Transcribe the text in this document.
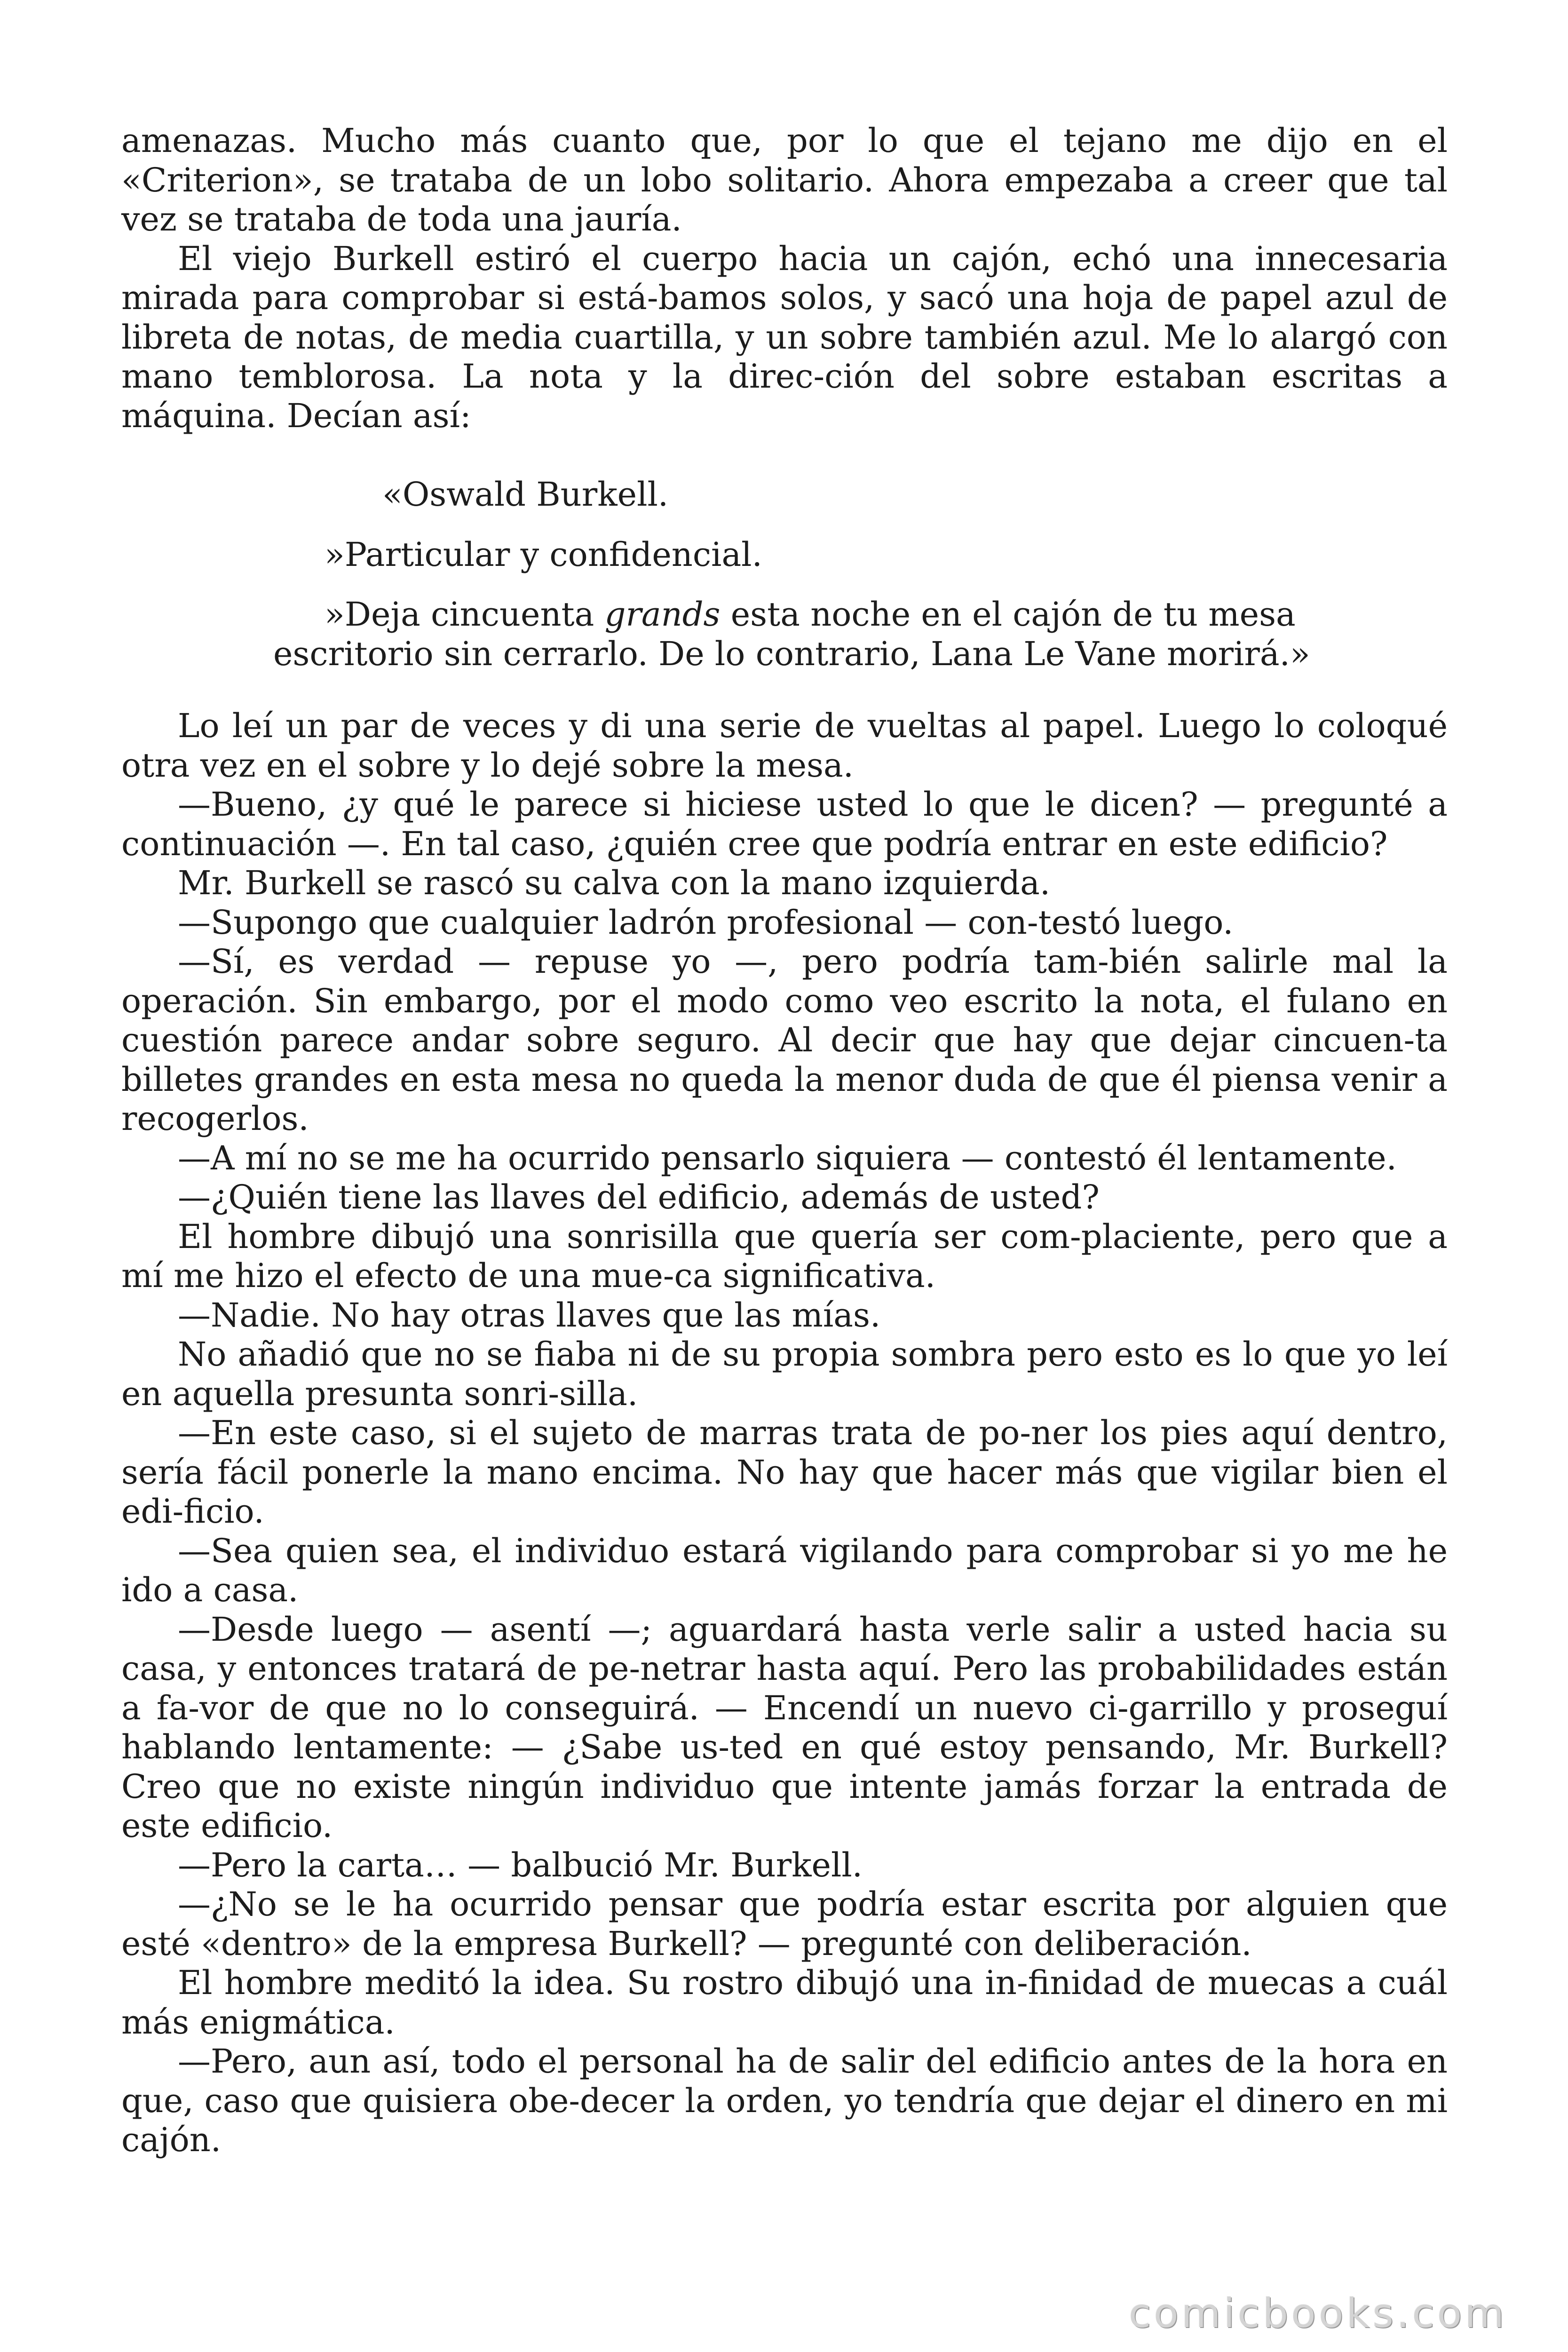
amenazas. Mucho más cuanto que, por lo que el tejano me dijo en el «Criterion», se trataba de un lobo solitario. Ahora empezaba a creer que tal vez se trataba de toda una jauría.

El viejo Burkell estiró el cuerpo hacia un cajón, echó una innecesaria mirada para comprobar si está-bamos solos, y sacó una hoja de papel azul de libreta de notas, de media cuartilla, y un sobre también azul. Me lo alargó con mano temblorosa. La nota y la direc-ción del sobre estaban escritas a máquina. Decían así:

«Oswald Burkell.

»Particular y confidencial.

»Deja cincuenta grands esta noche en el cajón de tu mesa escritorio sin cerrarlo. De lo contrario, Lana Le Vane morirá.»

Lo leí un par de veces y di una serie de vueltas al papel. Luego lo coloqué otra vez en el sobre y lo dejé sobre la mesa.

—Bueno, ¿y qué le parece si hiciese usted lo que le dicen? — pregunté a continuación —. En tal caso, ¿quién cree que podría entrar en este edificio?

Mr. Burkell se rascó su calva con la mano izquierda.

—Supongo que cualquier ladrón profesional — con-testó luego.

—Sí, es verdad — repuse yo —, pero podría tam-bién salirle mal la operación. Sin embargo, por el modo como veo escrito la nota, el fulano en cuestión parece andar sobre seguro. Al decir que hay que dejar cincuen-ta billetes grandes en esta mesa no queda la menor duda de que él piensa venir a recogerlos.

—A mí no se me ha ocurrido pensarlo siquiera — contestó él lentamente.

—¿Quién tiene las llaves del edificio, además de usted?

El hombre dibujó una sonrisilla que quería ser com-placiente, pero que a mí me hizo el efecto de una mue-ca significativa.

—Nadie. No hay otras llaves que las mías.

No añadió que no se fiaba ni de su propia sombra pero esto es lo que yo leí en aquella presunta sonri-silla.

—En este caso, si el sujeto de marras trata de po-ner los pies aquí dentro, sería fácil ponerle la mano encima. No hay que hacer más que vigilar bien el edi-ficio.

—Sea quien sea, el individuo estará vigilando para comprobar si yo me he ido a casa.

—Desde luego — asentí —; aguardará hasta verle salir a usted hacia su casa, y entonces tratará de pe-netrar hasta aquí. Pero las probabilidades están a fa-vor de que no lo conseguirá. — Encendí un nuevo ci-garrillo y proseguí hablando lentamente: — ¿Sabe us-ted en qué estoy pensando, Mr. Burkell? Creo que no existe ningún individuo que intente jamás forzar la entrada de este edificio.

—Pero la carta… — balbució Mr. Burkell.

—¿No se le ha ocurrido pensar que podría estar escrita por alguien que esté «dentro» de la empresa Burkell? — pregunté con deliberación.

El hombre meditó la idea. Su rostro dibujó una in-finidad de muecas a cuál más enigmática.

—Pero, aun así, todo el personal ha de salir del edificio antes de la hora en que, caso que quisiera obe-decer la orden, yo tendría que dejar el dinero en mi cajón.

comicbooks.com
